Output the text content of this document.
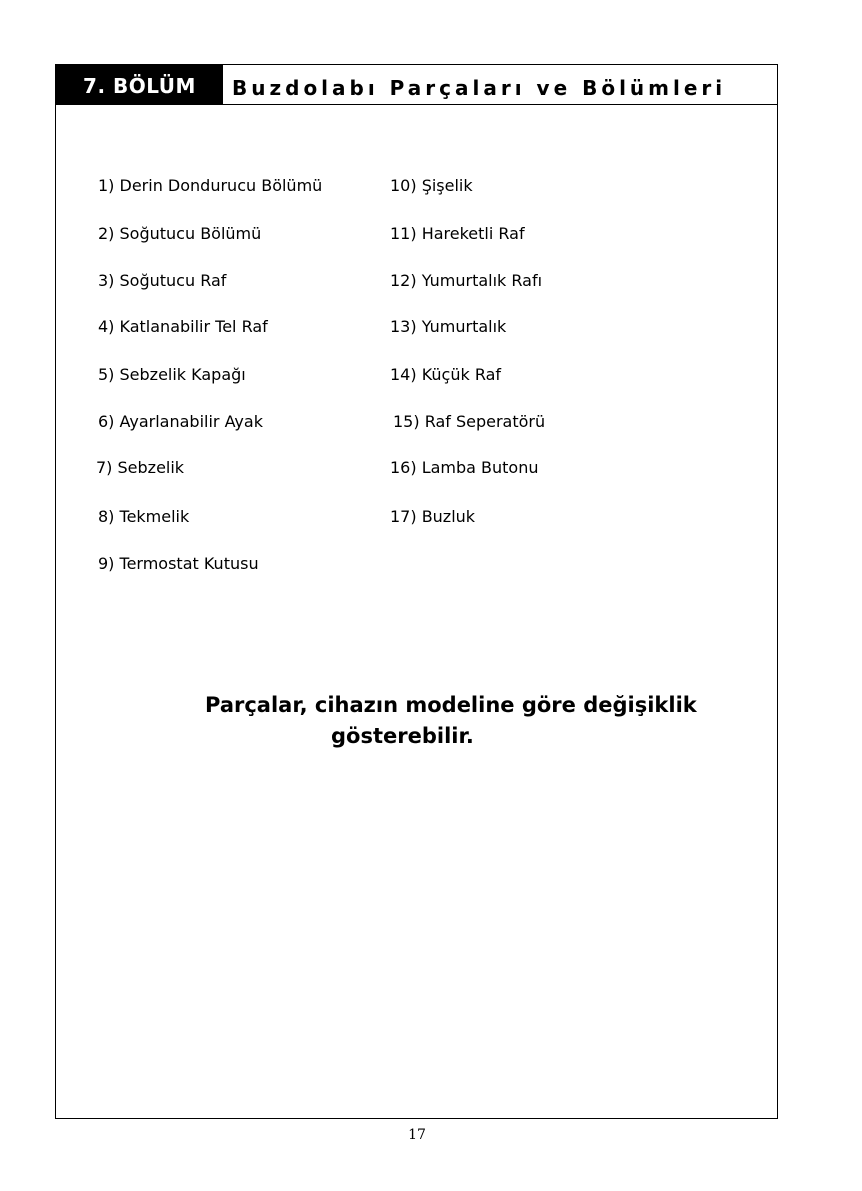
7. BÖLÜM	Buzdolabı Parçaları ve Bölümleri
1) Derin Dondurucu Bölümü
2) Soğutucu Bölümü
3) Soğutucu Raf
4) Katlanabilir Tel Raf
5) Sebzelik Kapağı
6) Ayarlanabilir Ayak
7) Sebzelik
8) Tekmelik
9) Termostat Kutusu
10) Şişelik
11) Hareketli Raf
12) Yumurtalık Rafı
13) Yumurtalık
14) Küçük Raf
15) Raf Seperatörü
16) Lamba Butonu
17) Buzluk
Parçalar, cihazın modeline göre değişiklik
gösterebilir.
17
